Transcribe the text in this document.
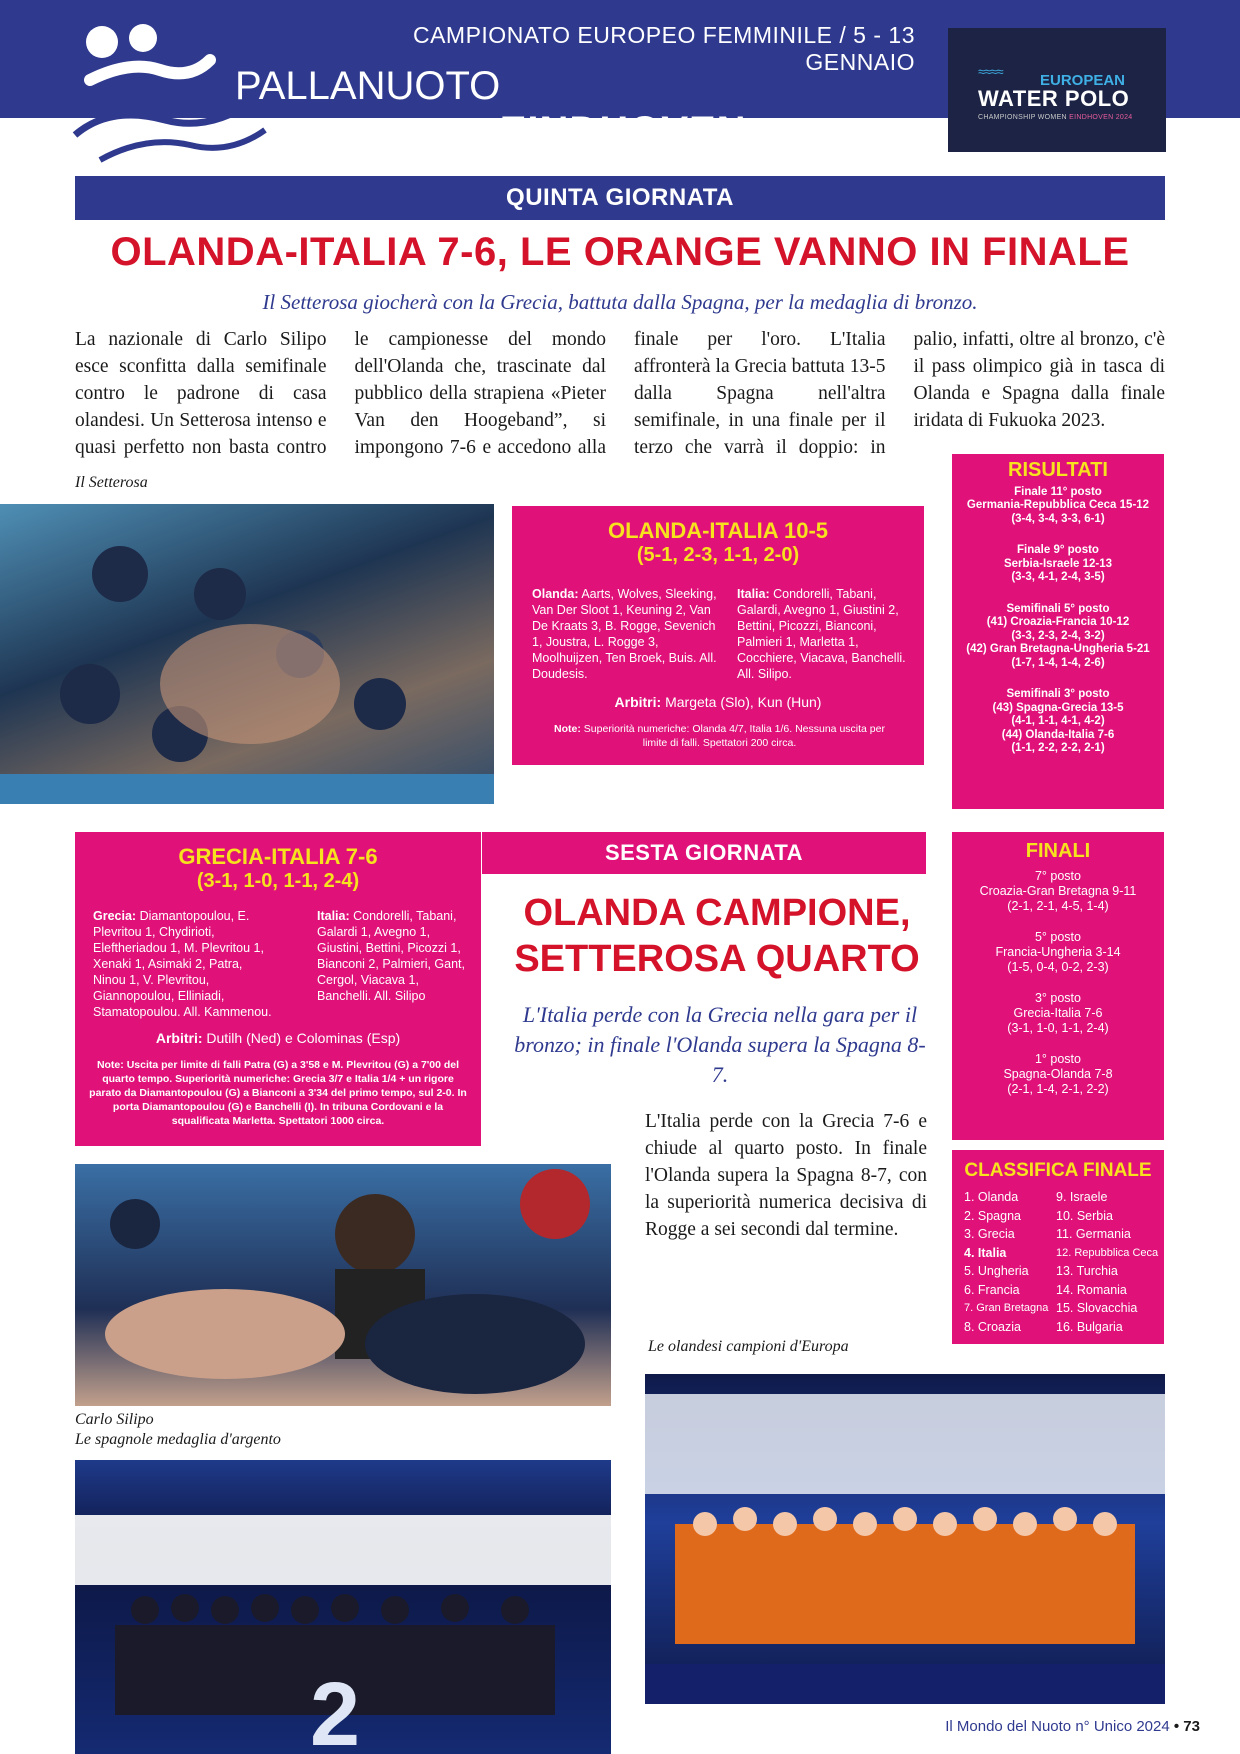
CAMPIONATO EUROPEO FEMMINILE / 5 - 13 GENNAIO
PALLANUOTO
EINDHOVEN (OLANDA)
≈≈≈≈
EUROPEAN
WATER POLO
CHAMPIONSHIP WOMEN EINDHOVEN 2024
QUINTA GIORNATA
OLANDA-ITALIA 7-6, LE ORANGE VANNO IN FINALE
Il Setterosa giocherà con la Grecia, battuta dalla Spagna, per la medaglia di bronzo.
La nazionale di Carlo Silipo esce sconfitta dalla semifinale contro le padrone di casa olandesi. Un Setterosa intenso e quasi perfetto non basta contro le campionesse del mondo dell'Olanda che, trascinate dal pubblico della strapiena «Pieter Van den Hoogeband”, si impongono 7-6 e accedono alla finale per l'oro. L'Italia affronterà la Grecia battuta 13-5 dalla Spagna nell'altra semifinale, in una finale per il terzo che varrà il doppio: in palio, infatti, oltre al bronzo, c'è il pass olimpico già in tasca di Olanda e Spagna dalla finale iridata di Fukuoka 2023.
Il Setterosa
OLANDA-ITALIA 10-5
(5-1, 2-3, 1-1, 2-0)
Olanda: Aarts, Wolves, Sleeking, Van Der Sloot 1, Keuning 2, Van De Kraats 3, B. Rogge, Sevenich 1, Joustra, L. Rogge 3, Moolhuijzen, Ten Broek, Buis. All. Doudesis.
Italia: Condorelli, Tabani, Galardi, Avegno 1, Giustini 2, Bettini, Picozzi, Bianconi, Palmieri 1, Marletta 1, Cocchiere, Viacava, Banchelli. All. Silipo.
Arbitri: Margeta (Slo), Kun (Hun)
Note: Superiorità numeriche: Olanda 4/7, Italia 1/6. Nessuna uscita per limite di falli. Spettatori 200 circa.
RISULTATI
Finale 11° posto
Germania-Repubblica Ceca 15-12
(3-4, 3-4, 3-3, 6-1)
Finale 9° posto
Serbia-Israele 12-13
(3-3, 4-1, 2-4, 3-5)
Semifinali 5° posto
(41) Croazia-Francia 10-12
(3-3, 2-3, 2-4, 3-2)
(42) Gran Bretagna-Ungheria 5-21
(1-7, 1-4, 1-4, 2-6)
Semifinali 3° posto
(43) Spagna-Grecia 13-5
(4-1, 1-1, 4-1, 4-2)
(44) Olanda-Italia 7-6
(1-1, 2-2, 2-2, 2-1)
GRECIA-ITALIA 7-6
(3-1, 1-0, 1-1, 2-4)
Grecia: Diamantopoulou, E. Plevritou 1, Chydirioti, Eleftheriadou 1, M. Plevritou 1, Xenaki 1, Asimaki 2, Patra, Ninou 1, V. Plevritou, Giannopoulou, Elliniadi, Stamatopoulou. All. Kammenou.
Italia: Condorelli, Tabani, Galardi 1, Avegno 1, Giustini, Bettini, Picozzi 1, Bianconi 2, Palmieri, Gant, Cergol, Viacava 1, Banchelli. All. Silipo
Arbitri: Dutilh (Ned) e Colominas (Esp)
Note: Uscita per limite di falli Patra (G) a 3'58 e M. Plevritou (G) a 7'00 del quarto tempo. Superiorità numeriche: Grecia 3/7 e Italia 1/4 + un rigore parato da Diamantopoulou (G) a Bianconi a 3'34 del primo tempo, sul 2-0. In porta Diamantopoulou (G) e Banchelli (I). In tribuna Cordovani e la squalificata Marletta. Spettatori 1000 circa.
SESTA GIORNATA
OLANDA CAMPIONE,
SETTEROSA QUARTO
L'Italia perde con la Grecia nella gara per il bronzo; in finale l'Olanda supera la Spagna 8-7.
L'Italia perde con la Grecia 7-6 e chiude al quarto posto. In finale l'Olanda supera la Spagna 8-7, con la superiorità numerica decisiva di Rogge a sei secondi dal termine.
FINALI
7° posto
Croazia-Gran Bretagna 9-11
(2-1, 2-1, 4-5, 1-4)
5° posto
Francia-Ungheria 3-14
(1-5, 0-4, 0-2, 2-3)
3° posto
Grecia-Italia 7-6
(3-1, 1-0, 1-1, 2-4)
1° posto
Spagna-Olanda 7-8
(2-1, 1-4, 2-1, 2-2)
CLASSIFICA FINALE
1. Olanda
2. Spagna
3. Grecia
4. Italia
5. Ungheria
6. Francia
7. Gran Bretagna
8. Croazia
9. Israele
10. Serbia
11. Germania
12. Repubblica Ceca
13. Turchia
14. Romania
15. Slovacchia
16. Bulgaria
Carlo Silipo
Le spagnole medaglia d'argento
2
Le olandesi campioni d'Europa
Il Mondo del Nuoto n° Unico 2024 • 73
